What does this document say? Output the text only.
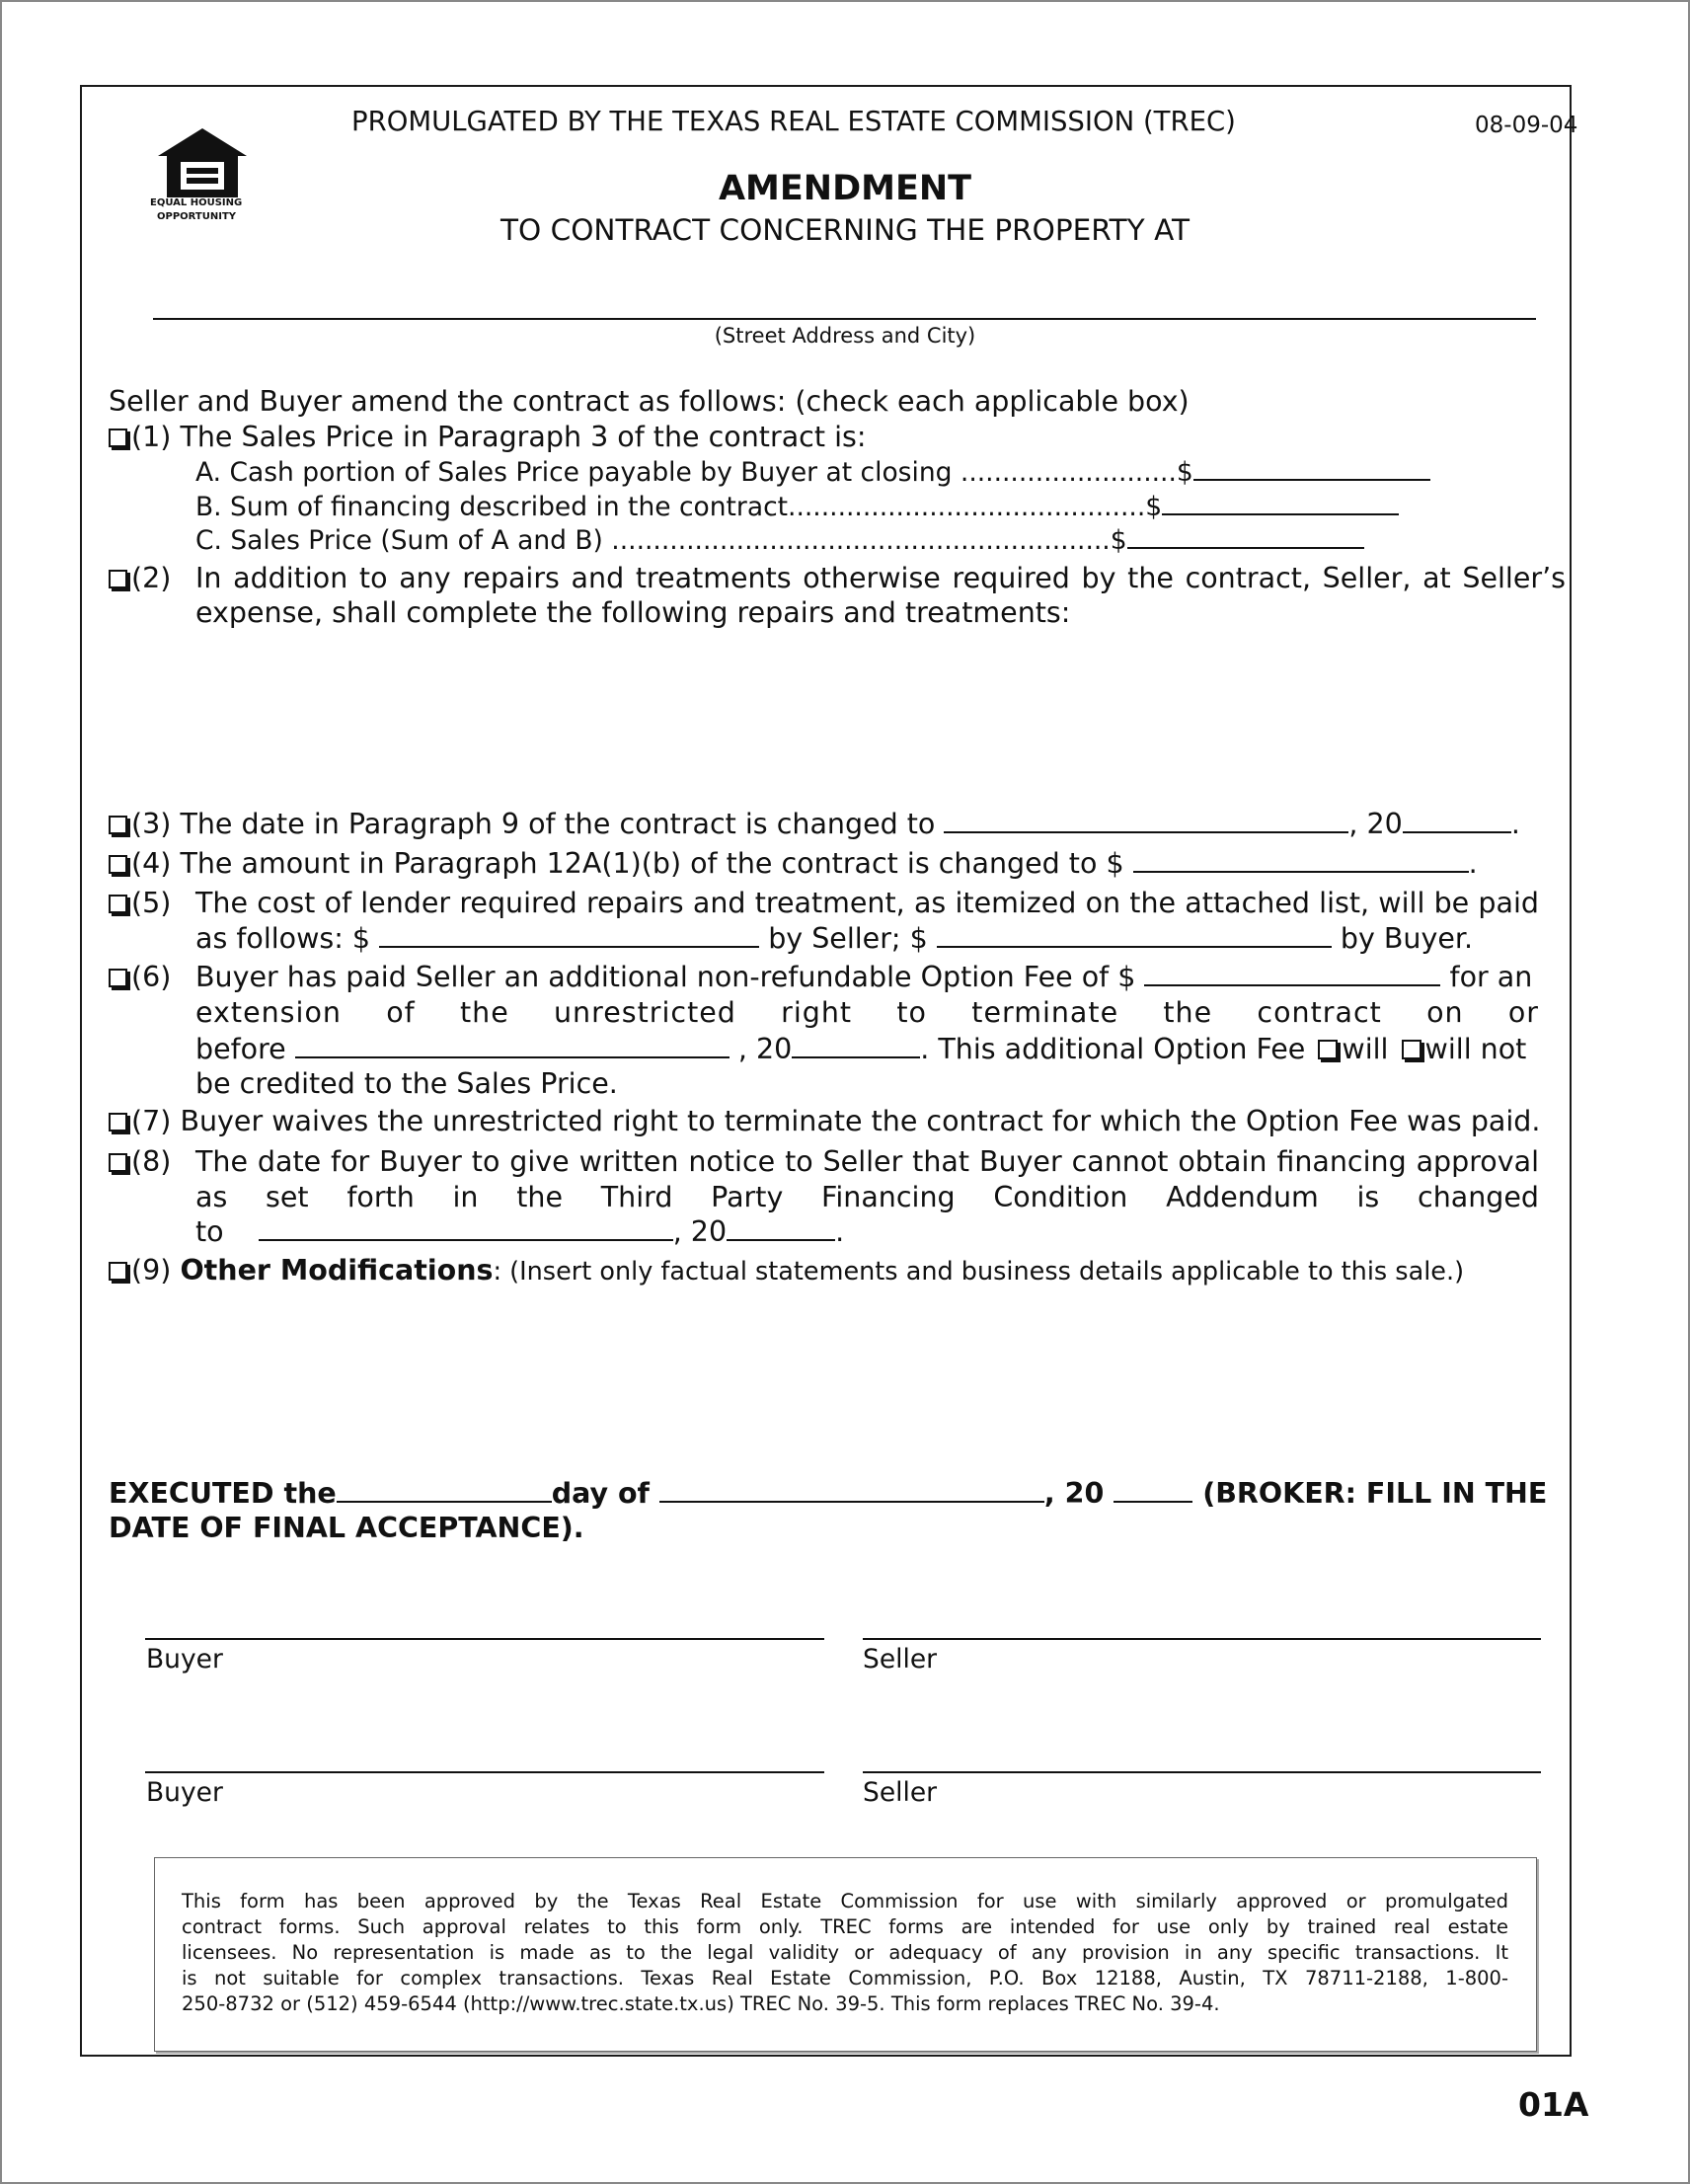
EQUAL HOUSING
OPPORTUNITY
PROMULGATED BY THE TEXAS REAL ESTATE COMMISSION (TREC)	08-09-04
AMENDMENT
TO CONTRACT CONCERNING THE PROPERTY AT
(Street Address and City)
Seller and Buyer amend the contract as follows: (check each applicable box)
(1) The Sales Price in Paragraph 3 of the contract is:
A. Cash portion of Sales Price payable by Buyer at closing ..........................$
B. Sum of financing described in the contract...........................................$
C. Sales Price (Sum of A and B) ............................................................$
(2) In addition to any repairs and treatments otherwise required by the contract, Seller, at Seller’s
expense, shall complete the following repairs and treatments:
(3) The date in Paragraph 9 of the contract is changed to	, 20	.
(4) The amount in Paragraph 12A(1)(b) of the contract is changed to $	.
(5) The cost of lender required repairs and treatment, as itemized on the attached list, will be paid
as follows: $	by Seller; $	by Buyer.
(6) Buyer has paid Seller an additional non-refundable Option Fee of $	for an
extension of the unrestricted right to terminate the contract on or
before	, 20	. This additional Option Fee will will not
be credited to the Sales Price.
(7) Buyer waives the unrestricted right to terminate the contract for which the Option Fee was paid.
(8) The date for Buyer to give written notice to Seller that Buyer cannot obtain financing approval
as set forth in the Third Party Financing Condition Addendum is changed
to	, 20	.
(9) Other Modifications: (Insert only factual statements and business details applicable to this sale.)
EXECUTED the	day of	, 20	(BROKER: FILL IN THE
DATE OF FINAL ACCEPTANCE).
Buyer	Seller
Buyer	Seller
This form has been approved by the Texas Real Estate Commission for use with similarly approved or promulgated
contract forms. Such approval relates to this form only. TREC forms are intended for use only by trained real estate
licensees. No representation is made as to the legal validity or adequacy of any provision in any specific transactions. It
is not suitable for complex transactions. Texas Real Estate Commission, P.O. Box 12188, Austin, TX 78711-2188, 1-800-
250-8732 or (512) 459-6544 (http://www.trec.state.tx.us) TREC No. 39-5. This form replaces TREC No. 39-4.
01A
